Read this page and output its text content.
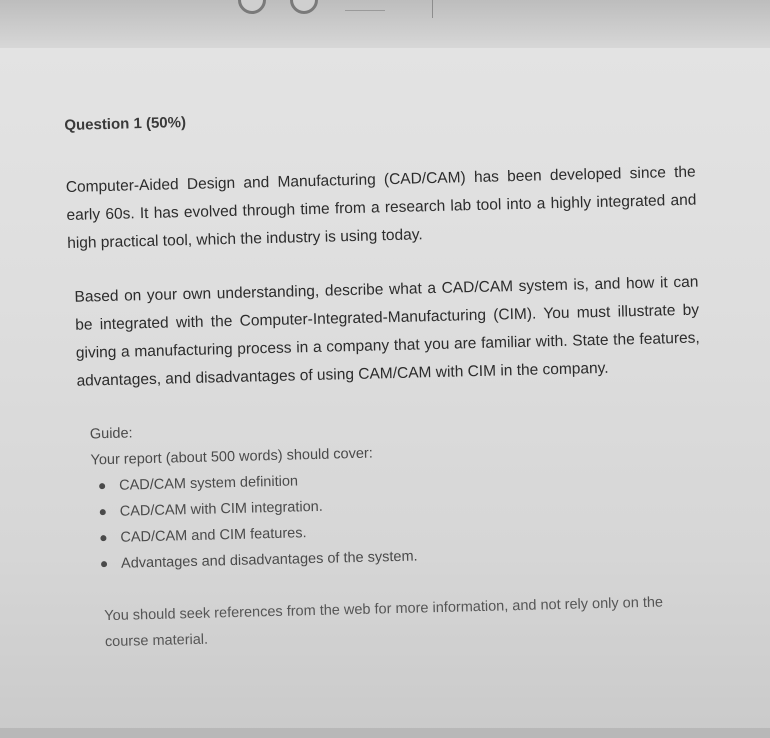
Question 1 (50%)

Computer-Aided Design and Manufacturing (CAD/CAM) has been developed since the early 60s. It has evolved through time from a research lab tool into a highly integrated and high practical tool, which the industry is using today.

Based on your own understanding, describe what a CAD/CAM system is, and how it can be integrated with the Computer-Integrated-Manufacturing (CIM). You must illustrate by giving a manufacturing process in a company that you are familiar with. State the features, advantages, and disadvantages of using CAM/CAM with CIM in the company.

Guide:
Your report (about 500 words) should cover:
CAD/CAM system definition
CAD/CAM with CIM integration.
CAD/CAM and CIM features.
Advantages and disadvantages of the system.

You should seek references from the web for more information, and not rely only on the course material.
